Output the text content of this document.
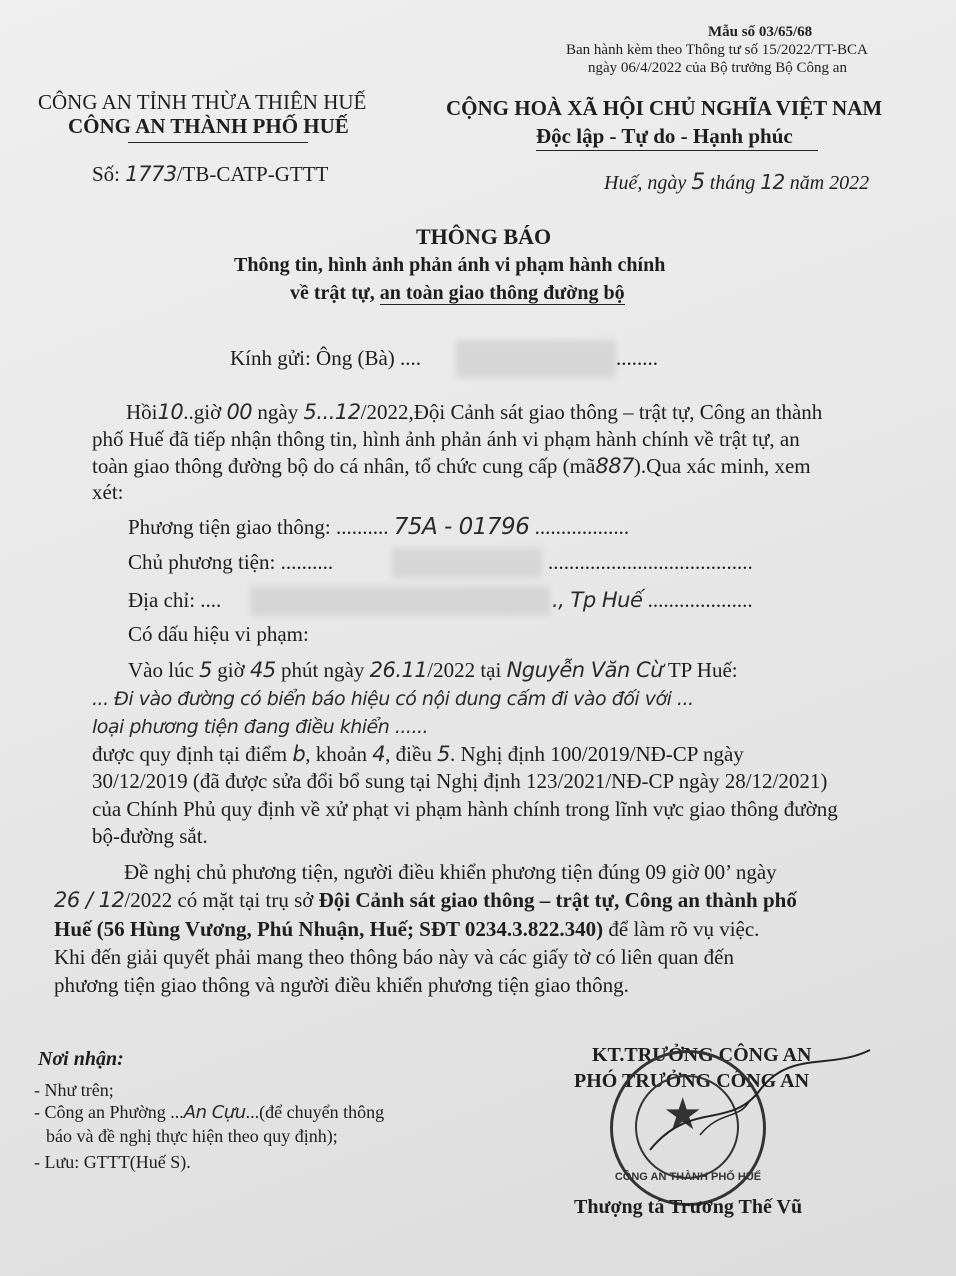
Mẫu số 03/65/68
Ban hành kèm theo Thông tư số 15/2022/TT-BCA
ngày 06/4/2022 của Bộ trưởng Bộ Công an
CÔNG AN TỈNH THỪA THIÊN HUẾ
CÔNG AN THÀNH PHỐ HUẾ
Số: 1773/TB-CATP-GTTT
CỘNG HOÀ XÃ HỘI CHỦ NGHĨA VIỆT NAM
Độc lập - Tự do - Hạnh phúc
Huế, ngày 5 tháng 12 năm 2022
THÔNG BÁO
Thông tin, hình ảnh phản ánh vi phạm hành chính
về trật tự, an toàn giao thông đường bộ
Kính gửi: Ông (Bà) ....	........
Hồi10..giờ 00 ngày 5...12/2022,Đội Cảnh sát giao thông – trật tự, Công an thành
phố Huế đã tiếp nhận thông tin, hình ảnh phản ánh vi phạm hành chính về trật tự, an
toàn giao thông đường bộ do cá nhân, tổ chức cung cấp (mã887).Qua xác minh, xem
xét:
Phương tiện giao thông: .......... 75A - 01796 ..................
Chủ phương tiện: ..........	.......................................
Địa chỉ: ....	., Tp Huế ....................
Có dấu hiệu vi phạm:
Vào lúc 5 giờ 45 phút ngày 26.11/2022 tại Nguyễn Văn Cừ TP Huế:
... Đi vào đường có biển báo hiệu có nội dung cấm đi vào đối với ...
loại phương tiện đang điều khiển ......
được quy định tại điểm b, khoản 4, điều 5. Nghị định 100/2019/NĐ-CP ngày
30/12/2019 (đã được sửa đổi bổ sung tại Nghị định 123/2021/NĐ-CP ngày 28/12/2021)
của Chính Phủ quy định về xử phạt vi phạm hành chính trong lĩnh vực giao thông đường
bộ-đường sắt.
Đề nghị chủ phương tiện, người điều khiển phương tiện đúng 09 giờ 00’ ngày
26 / 12/2022 có mặt tại trụ sở Đội Cảnh sát giao thông – trật tự, Công an thành phố
Huế (56 Hùng Vương, Phú Nhuận, Huế; SĐT 0234.3.822.340) để làm rõ vụ việc.
Khi đến giải quyết phải mang theo thông báo này và các giấy tờ có liên quan đến
phương tiện giao thông và người điều khiển phương tiện giao thông.
Nơi nhận:
- Như trên;
- Công an Phường ...An Cựu...(để chuyển thông
báo và đề nghị thực hiện theo quy định);
- Lưu: GTTT(Huế S).
KT.TRƯỞNG CÔNG AN
PHÓ TRƯỞNG CÔNG AN
★
CÔNG AN THÀNH PHỐ HUẾ
Thượng tá Trương Thế Vũ
